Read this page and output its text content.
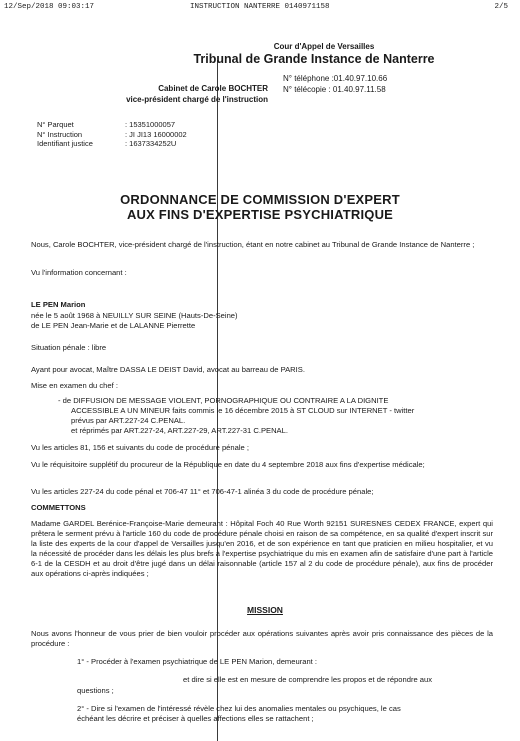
12/Sep/2018 09:03:17	INSTRUCTION NANTERRE 0140971158	2/5
Cour d'Appel de Versailles
Tribunal de Grande Instance de Nanterre
Cabinet de Carole BOCHTER
vice-président chargé de l'instruction
N° téléphone :01.40.97.10.66
N° télécopie : 01.40.97.11.58
N° Parquet	: 15351000057
N° Instruction	: JI JI13 16000002
Identifiant justice	: 1637334252U
ORDONNANCE DE COMMISSION D'EXPERT
AUX FINS D'EXPERTISE PSYCHIATRIQUE
Nous, Carole BOCHTER, vice-président chargé de l'instruction, étant en notre cabinet au Tribunal de Grande Instance de Nanterre ;
Vu l'information concernant :
LE PEN Marion
née le 5 août 1968 à NEUILLY SUR SEINE (Hauts-De-Seine)
de LE PEN Jean-Marie et de LALANNE Pierrette
Situation pénale : libre
Ayant pour avocat, Maître DASSA LE DEIST David, avocat au barreau de PARIS.
Mise en examen du chef :
- de DIFFUSION DE MESSAGE VIOLENT, PORNOGRAPHIQUE OU CONTRAIRE A LA DIGNITE
ACCESSIBLE A UN MINEUR faits commis le 16 décembre 2015 à ST CLOUD sur INTERNET - twitter
prévus par ART.227-24 C.PENAL.
et réprimés par ART.227-24, ART.227-29, ART.227-31 C.PENAL.
Vu les articles 81, 156 et suivants du code de procédure pénale ;
Vu le réquisitoire supplétif du procureur de la République en date du 4 septembre 2018 aux fins d'expertise médicale;
Vu les articles 227-24 du code pénal et 706-47 11° et 706-47-1 alinéa 3 du code de procédure pénale;
COMMETTONS
Madame GARDEL Berénice-Françoise-Marie demeurant : Hôpital Foch 40 Rue Worth 92151 SURESNES CEDEX FRANCE, expert qui prêtera le serment prévu à l'article 160 du code de procédure pénale choisi en raison de sa compétence, en sa qualité d'expert inscrit sur la liste des experts de la cour d'appel de Versailles jusqu'en 2016, et de son expérience en tant que praticien en milieu hospitalier, et vu la nécessité de procéder dans les délais les plus brefs à l'expertise psychiatrique du mis en examen afin de satisfaire d'une part à l'article 6-1 de la CESDH et au droit d'être jugé dans un délai raisonnable (article 157 al 2 du code de procédure pénale), aux fins de procéder aux opérations ci-après indiquées ;
MISSION
Nous avons l'honneur de vous prier de bien vouloir procéder aux opérations suivantes après avoir pris connaissance des pièces de la procédure :
1° - Procéder à l'examen psychiatrique de LE PEN Marion, demeurant :
et dire si elle est en mesure de comprendre les propos et de répondre aux
questions ;
2° - Dire si l'examen de l'intéressé révèle chez lui des anomalies mentales ou psychiques, le cas
échéant les décrire et préciser à quelles affections elles se rattachent ;
